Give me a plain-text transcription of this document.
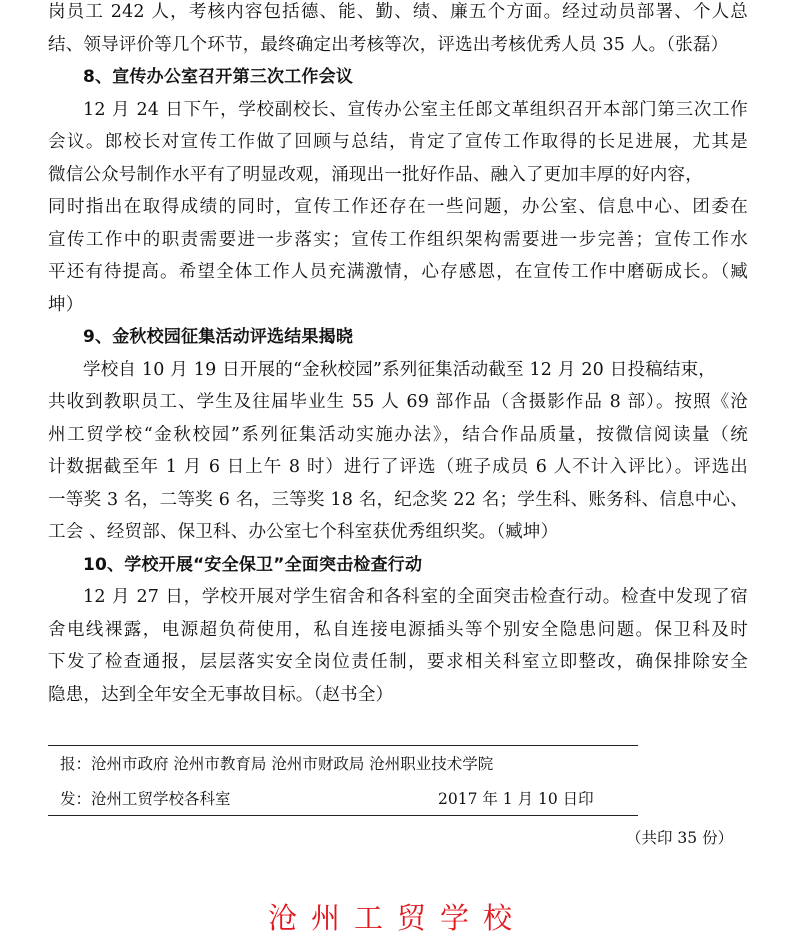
岗员工 242 人，考核内容包括德、能、勤、绩、廉五个方面。经过动员部署、个人总
结、领导评价等几个环节，最终确定出考核等次，评选出考核优秀人员 35 人。（张磊）
8、宣传办公室召开第三次工作会议
12 月 24 日下午，学校副校长、宣传办公室主任郎文革组织召开本部门第三次工作
会议。郎校长对宣传工作做了回顾与总结，肯定了宣传工作取得的长足进展，尤其是
微信公众号制作水平有了明显改观，涌现出一批好作品、融入了更加丰厚的好内容，
同时指出在取得成绩的同时，宣传工作还存在一些问题，办公室、信息中心、团委在
宣传工作中的职责需要进一步落实；宣传工作组织架构需要进一步完善；宣传工作水
平还有待提高。希望全体工作人员充满激情，心存感恩，在宣传工作中磨砺成长。（臧
坤）
9、金秋校园征集活动评选结果揭晓
学校自 10 月 19 日开展的“金秋校园”系列征集活动截至 12 月 20 日投稿结束，
共收到教职员工、学生及往届毕业生 55 人 69 部作品（含摄影作品 8 部）。按照《沧
州工贸学校“金秋校园”系列征集活动实施办法》，结合作品质量，按微信阅读量（统
计数据截至年 1 月 6 日上午 8 时）进行了评选（班子成员 6 人不计入评比）。评选出
一等奖 3 名，二等奖 6 名，三等奖 18 名，纪念奖 22 名；学生科、账务科、信息中心、
工会 、经贸部、保卫科、办公室七个科室获优秀组织奖。（臧坤）
10、学校开展“安全保卫”全面突击检查行动
12 月 27 日，学校开展对学生宿舍和各科室的全面突击检查行动。检查中发现了宿
舍电线裸露，电源超负荷使用，私自连接电源插头等个别安全隐患问题。保卫科及时
下发了检查通报，层层落实安全岗位责任制，要求相关科室立即整改，确保排除安全
隐患，达到全年安全无事故目标。（赵书全）
报：沧州市政府 沧州市教育局 沧州市财政局 沧州职业技术学院
发：沧州工贸学校各科室	2017 年 1 月 10 日印
（共印 35 份）
沧州工贸学校
